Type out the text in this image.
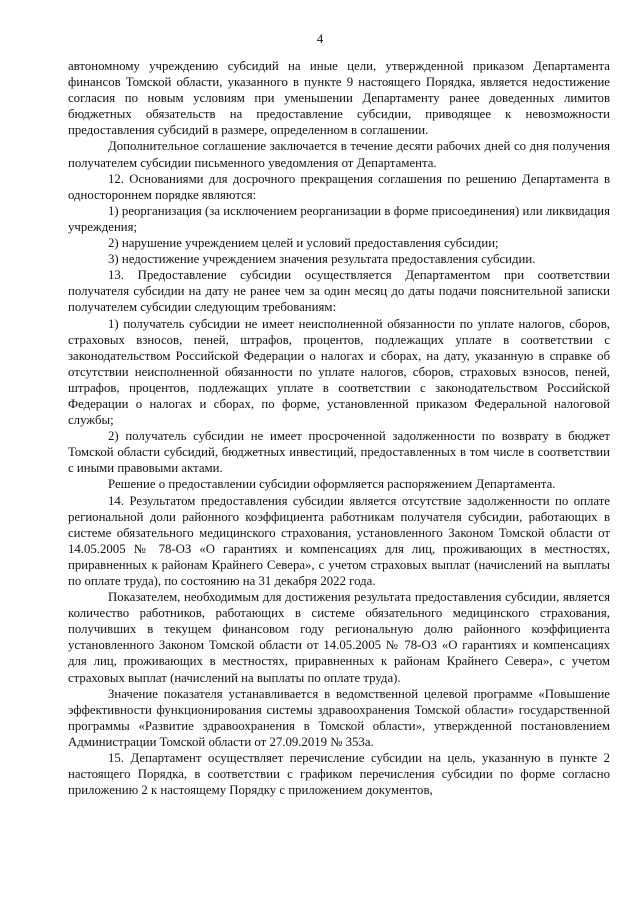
4

автономному учреждению субсидий на иные цели, утвержденной приказом Департамента финансов Томской области, указанного в пункте 9 настоящего Порядка, является недостижение согласия по новым условиям при уменьшении Департаменту ранее доведенных лимитов бюджетных обязательств на предоставление субсидии, приводящее к невозможности предоставления субсидий в размере, определенном в соглашении.

Дополнительное соглашение заключается в течение десяти рабочих дней со дня получения получателем субсидии письменного уведомления от Департамента.

12. Основаниями для досрочного прекращения соглашения по решению Департамента в одностороннем порядке являются:

1) реорганизация (за исключением реорганизации в форме присоединения) или ликвидация учреждения;

2) нарушение учреждением целей и условий предоставления субсидии;

3) недостижение учреждением значения результата предоставления субсидии.

13. Предоставление субсидии осуществляется Департаментом при соответствии получателя субсидии на дату не ранее чем за один месяц до даты подачи пояснительной записки получателем субсидии следующим требованиям:

1) получатель субсидии не имеет неисполненной обязанности по уплате налогов, сборов, страховых взносов, пеней, штрафов, процентов, подлежащих уплате в соответствии с законодательством Российской Федерации о налогах и сборах, на дату, указанную в справке об отсутствии неисполненной обязанности по уплате налогов, сборов, страховых взносов, пеней, штрафов, процентов, подлежащих уплате в соответствии с законодательством Российской Федерации о налогах и сборах, по форме, установленной приказом Федеральной налоговой службы;

2) получатель субсидии не имеет просроченной задолженности по возврату в бюджет Томской области субсидий, бюджетных инвестиций, предоставленных в том числе в соответствии с иными правовыми актами.

Решение о предоставлении субсидии оформляется распоряжением Департамента.

14. Результатом предоставления субсидии является отсутствие задолженности по оплате региональной доли районного коэффициента работникам получателя субсидии, работающих в системе обязательного медицинского страхования, установленного Законом Томской области от 14.05.2005 № 78-ОЗ «О гарантиях и компенсациях для лиц, проживающих в местностях, приравненных к районам Крайнего Севера», с учетом страховых выплат (начислений на выплаты по оплате труда), по состоянию на 31 декабря 2022 года.

Показателем, необходимым для достижения результата предоставления субсидии, является количество работников, работающих в системе обязательного медицинского страхования, получивших в текущем финансовом году региональную долю районного коэффициента установленного Законом Томской области от 14.05.2005 № 78-ОЗ «О гарантиях и компенсациях для лиц, проживающих в местностях, приравненных к районам Крайнего Севера», с учетом страховых выплат (начислений на выплаты по оплате труда).

Значение показателя устанавливается в ведомственной целевой программе «Повышение эффективности функционирования системы здравоохранения Томской области» государственной программы «Развитие здравоохранения в Томской области», утвержденной постановлением Администрации Томской области от 27.09.2019 № 353а.

15. Департамент осуществляет перечисление субсидии на цель, указанную в пункте 2 настоящего Порядка, в соответствии с графиком перечисления субсидии по форме согласно приложению 2 к настоящему Порядку с приложением документов,
